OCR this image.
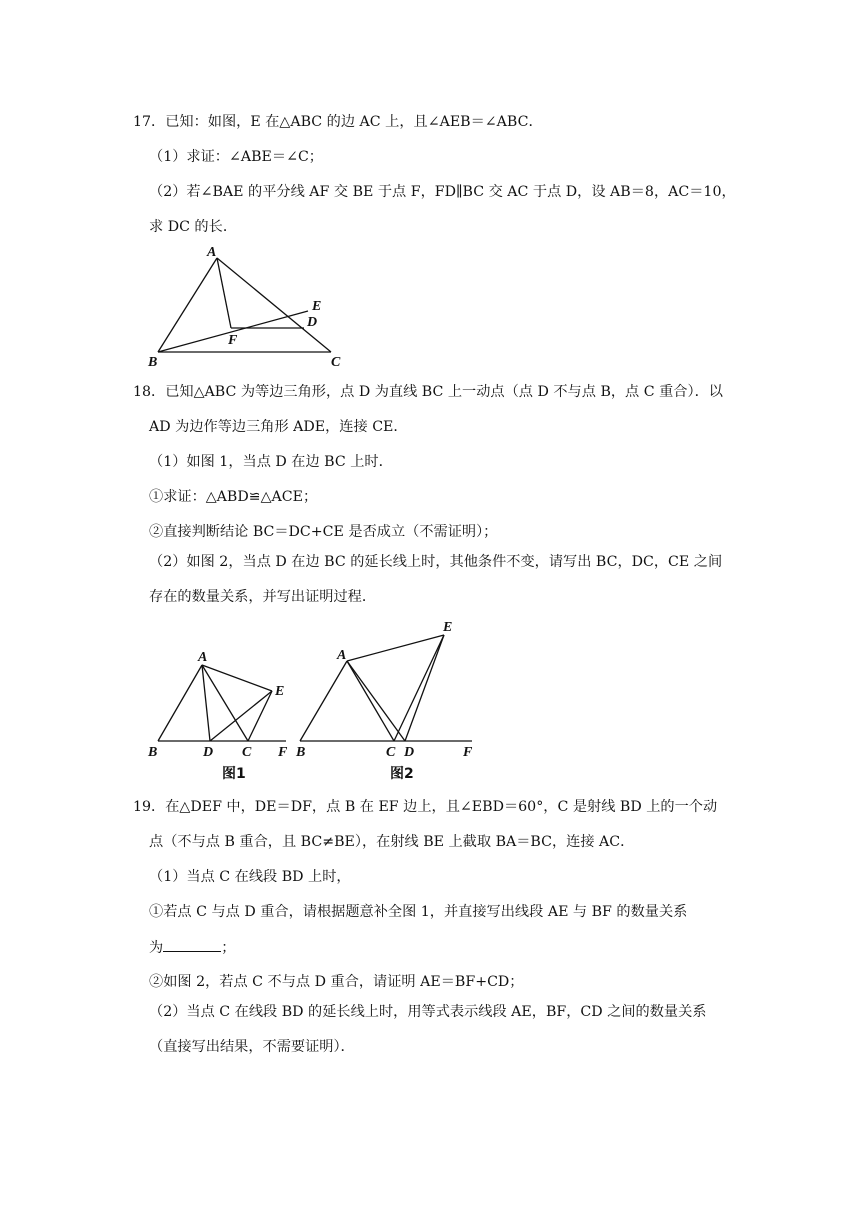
17．已知：如图，E 在△ABC 的边 AC 上，且∠AEB＝∠ABC．
（1）求证：∠ABE＝∠C；
（2）若∠BAE 的平分线 AF 交 BE 于点 F，FD∥BC 交 AC 于点 D，设 AB＝8，AC＝10，
求 DC 的长．
A
B	C
D
E
F
18．已知△ABC 为等边三角形，点 D 为直线 BC 上一动点（点 D 不与点 B，点 C 重合）．以
AD 为边作等边三角形 ADE，连接 CE．
（1）如图 1，当点 D 在边 BC 上时．
①求证：△ABD≌△ACE；
②直接判断结论 BC＝DC+CE 是否成立（不需证明）；
（2）如图 2，当点 D 在边 BC 的延长线上时，其他条件不变，请写出 BC，DC，CE 之间
存在的数量关系，并写出证明过程．
A
B	D C
E
F
图1
A
B	C D
E
F
图2
19．在△DEF 中，DE＝DF，点 B 在 EF 边上，且∠EBD＝60°，C 是射线 BD 上的一个动
点（不与点 B 重合，且 BC≠BE），在射线 BE 上截取 BA＝BC，连接 AC．
（1）当点 C 在线段 BD 上时，
①若点 C 与点 D 重合，请根据题意补全图 1，并直接写出线段 AE 与 BF 的数量关系
为	；
②如图 2，若点 C 不与点 D 重合，请证明 AE＝BF+CD；
（2）当点 C 在线段 BD 的延长线上时，用等式表示线段 AE，BF，CD 之间的数量关系
（直接写出结果，不需要证明）．
